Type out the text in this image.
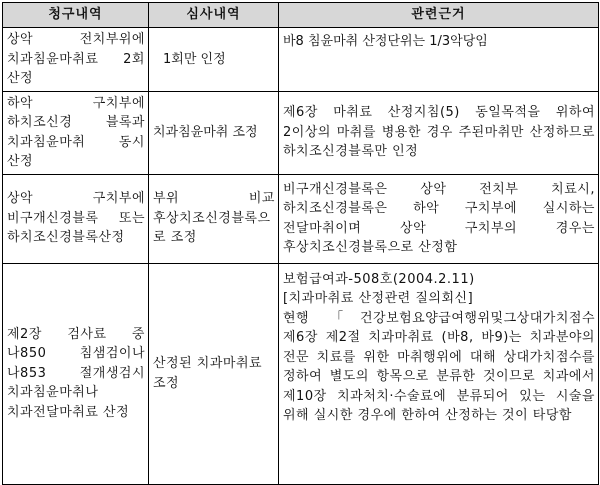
청구내역	심사내역	관련근거
상악 전치부위에 치과침윤마취료 2회 산정	1회만 인정	바8 침윤마취 산정단위는 1/3악당임
하악 구치부에 하치조신경 블록과 치과침윤마취 동시 산정	치과침윤마취 조정	제6장 마취료 산정지침(5) 동일목적을 위하여 2이상의 마취를 병용한 경우 주된마취만 산정하므로 하치조신경블록만 인정
상악 구치부에 비구개신경블록 또는 하치조신경블록산정	부위 비교 후상치조신경블록으로 조정	비구개신경블록은 상악 전치부 치료시, 하치조신경블록은 하악 구치부에 실시하는 전달마취이며 상악 구치부의 경우는 후상치조신경블록으로 산정함
제2장 검사료 중 나850 침샘검이나 나853 절개생검시 치과침윤마취나 치과전달마취료 산정	산정된 치과마취료 조정	보험급여과-508호(2004.2.11)
[치과마취료 산정관련 질의회신]
현행 「건강보험요양급여행위및그상대가치점수 제6장 제2절 치과마취료 (바8, 바9)는 치과분야의 전문 치료를 위한 마취행위에 대해 상대가치점수를 정하여 별도의 항목으로 분류한 것이므로 치과에서 제10장 치과처치·수술료에 분류되어 있는 시술을 위해 실시한 경우에 한하여 산정하는 것이 타당함
